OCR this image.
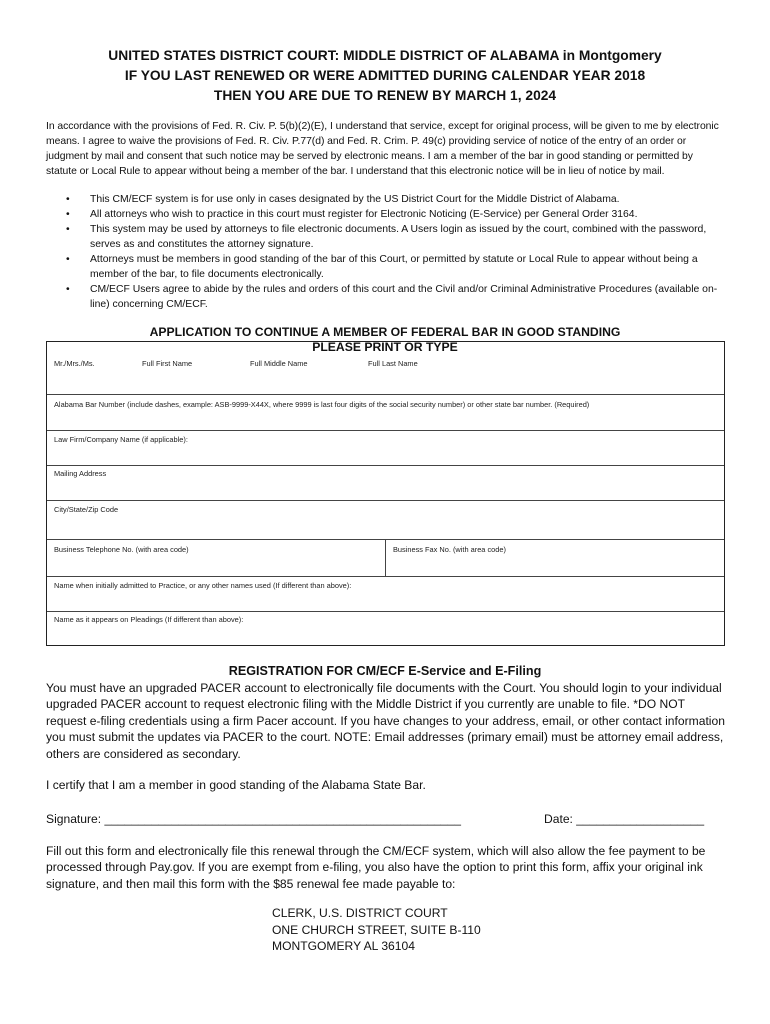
UNITED STATES DISTRICT COURT: MIDDLE DISTRICT OF ALABAMA in Montgomery
IF YOU LAST RENEWED OR WERE ADMITTED DURING CALENDAR YEAR 2018
THEN YOU ARE DUE TO RENEW BY MARCH 1, 2024
In accordance with the provisions of Fed. R. Civ. P. 5(b)(2)(E), I understand that service, except for original process, will be given to me by electronic means. I agree to waive the provisions of Fed. R. Civ. P.77(d) and Fed. R. Crim. P. 49(c) providing service of notice of the entry of an order or judgment by mail and consent that such notice may be served by electronic means. I am a member of the bar in good standing or permitted by statute or Local Rule to appear without being a member of the bar. I understand that this electronic notice will be in lieu of notice by mail.
• This CM/ECF system is for use only in cases designated by the US District Court for the Middle District of Alabama.
• All attorneys who wish to practice in this court must register for Electronic Noticing (E-Service) per General Order 3164.
• This system may be used by attorneys to file electronic documents. A Users login as issued by the court, combined with the password, serves as and constitutes the attorney signature.
• Attorneys must be members in good standing of the bar of this Court, or permitted by statute or Local Rule to appear without being a member of the bar, to file documents electronically.
• CM/ECF Users agree to abide by the rules and orders of this court and the Civil and/or Criminal Administrative Procedures (available on-line) concerning CM/ECF.
APPLICATION TO CONTINUE A MEMBER OF FEDERAL BAR IN GOOD STANDING
PLEASE PRINT OR TYPE
Mr./Mrs./Ms.	Full First Name	Full Middle Name	Full Last Name
Alabama Bar Number (include dashes, example: ASB-9999-X44X, where 9999 is last four digits of the social security number) or other state bar number. (Required)
Law Firm/Company Name (if applicable):
Mailing Address
City/State/Zip Code
Business Telephone No. (with area code)	Business Fax No. (with area code)
Name when initially admitted to Practice, or any other names used (If different than above):
Name as it appears on Pleadings (If different than above):
REGISTRATION FOR CM/ECF E-Service and E-Filing
You must have an upgraded PACER account to electronically file documents with the Court. You should login to your individual upgraded PACER account to request electronic filing with the Middle District if you currently are unable to file. *DO NOT request e-filing credentials using a firm Pacer account. If you have changes to your address, email, or other contact information you must submit the updates via PACER to the court. NOTE: Email addresses (primary email) must be attorney email address, others are considered as secondary.
I certify that I am a member in good standing of the Alabama State Bar.
Signature: _____________________________________________________	Date: ___________________
Fill out this form and electronically file this renewal through the CM/ECF system, which will also allow the fee payment to be processed through Pay.gov. If you are exempt from e-filing, you also have the option to print this form, affix your original ink signature, and then mail this form with the $85 renewal fee made payable to:
CLERK, U.S. DISTRICT COURT
ONE CHURCH STREET, SUITE B-110
MONTGOMERY AL 36104
